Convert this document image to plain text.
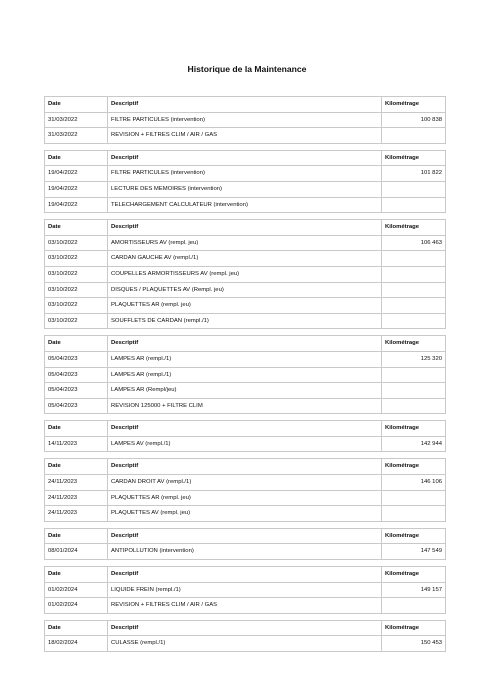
Historique de la Maintenance
Date	Descriptif	Kilométrage
31/03/2022	FILTRE PARTICULES (intervention)	100 838
31/03/2022	REVISION + FILTRES CLIM / AIR / GAS	
Date	Descriptif	Kilométrage
19/04/2022	FILTRE PARTICULES (intervention)	101 822
19/04/2022	LECTURE DES MEMOIRES (intervention)	
19/04/2022	TELECHARGEMENT CALCULATEUR (intervention)	
Date	Descriptif	Kilométrage
03/10/2022	AMORTISSEURS AV (rempl. jeu)	106 463
03/10/2022	CARDAN GAUCHE AV (rempl./1)	
03/10/2022	COUPELLES ARMORTISSEURS AV (rempl. jeu)	
03/10/2022	DISQUES / PLAQUETTES AV (Rempl. jeu)	
03/10/2022	PLAQUETTES AR (rempl. jeu)	
03/10/2022	SOUFFLETS DE CARDAN (rempl./1)	
Date	Descriptif	Kilométrage
05/04/2023	LAMPES AR (rempl./1)	125 320
05/04/2023	LAMPES AR (rempl./1)	
05/04/2023	LAMPES AR (Rempl/jeu)	
05/04/2023	REVISION 125000 + FILTRE CLIM	
Date	Descriptif	Kilométrage
14/11/2023	LAMPES AV (rempl./1)	142 944
Date	Descriptif	Kilométrage
24/11/2023	CARDAN DROIT AV (rempl./1)	146 106
24/11/2023	PLAQUETTES AR (rempl. jeu)	
24/11/2023	PLAQUETTES AV (rempl. jeu)	
Date	Descriptif	Kilométrage
08/01/2024	ANTIPOLLUTION (intervention)	147 549
Date	Descriptif	Kilométrage
01/02/2024	LIQUIDE FREIN (rempl./1)	149 157
01/02/2024	REVISION + FILTRES CLIM / AIR / GAS	
Date	Descriptif	Kilométrage
18/02/2024	CULASSE (rempl./1)	150 453
